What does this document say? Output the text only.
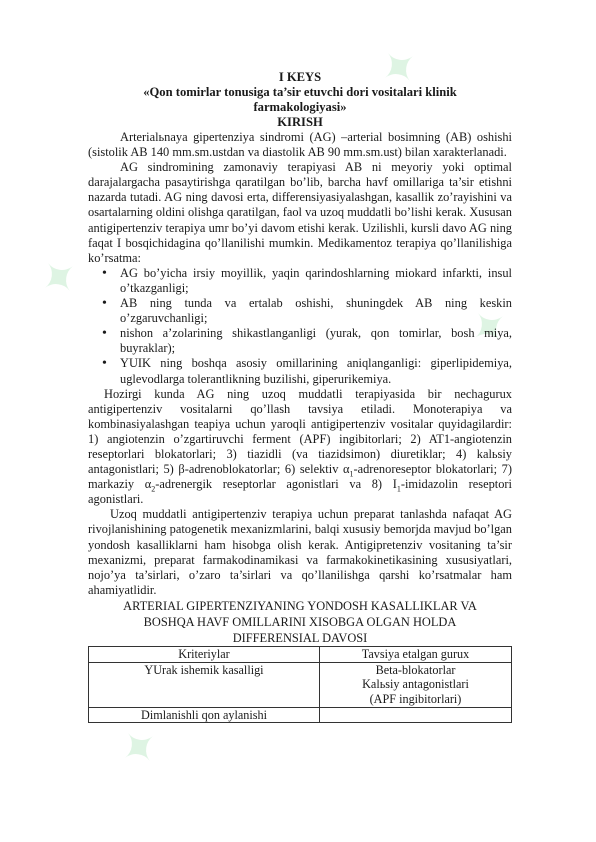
✦
✦
✦
✦
I KEYS
«Qon tomirlar tonusiga ta’sir etuvchi dori vositalari klinik
farmakologiyasi»
KIRISH

Arterialьnaya gipertenziya sindromi (AG) –arterial bosimning (AB) oshishi (sistolik AB 140 mm.sm.ustdan va diastolik AB 90 mm.sm.ust) bilan xarakterlanadi.

AG sindromining zamonaviy terapiyasi AB ni meyoriy yoki optimal darajalargacha pasaytirishga qaratilgan bo’lib, barcha havf omillariga ta’sir etishni nazarda tutadi. AG ning davosi erta, differensiyasiyalashgan, kasallik zo’rayishini va osartalarning oldini olishga qaratilgan, faol va uzoq muddatli bo’lishi kerak. Xususan antigipertenziv terapiya umr bo’yi davom etishi kerak. Uzilishli, kursli davo AG ning faqat I bosqichidagina qo’llanilishi mumkin. Medikamentoz terapiya qo’llanilishiga ko’rsatma:

• AG bo’yicha irsiy moyillik, yaqin qarindoshlarning miokard infarkti, insul o’tkazganligi;
• AB ning tunda va ertalab oshishi, shuningdek AB ning keskin o’zgaruvchanligi;
• nishon a’zolarining shikastlanganligi (yurak, qon tomirlar, bosh miya, buyraklar);
• YUIK ning boshqa asosiy omillarining aniqlanganligi: giperlipidemiya, uglevodlarga tolerantlikning buzilishi, giperurikemiya.

Hozirgi kunda AG ning uzoq muddatli terapiyasida bir nechagurux antigipertenziv vositalarni qo’llash tavsiya etiladi. Monoterapiya va kombinasiyalashgan teapiya uchun yaroqli antigipertenziv vositalar quyidagilardir: 1) angiotenzin o’zgartiruvchi ferment (APF) ingibitorlari; 2) AT1-angiotenzin reseptorlari blokatorlari; 3) tiazidli (va tiazidsimon) diuretiklar; 4) kalьsiy antagonistlari; 5) β-adrenoblokatorlar; 6) selektiv $\alpha_1$-adrenoreseptor blokatorlari; 7) markaziy $\alpha_2$-adrenergik reseptorlar agonistlari va 8) $I_1$-imidazolin reseptori agonistlari.

Uzoq muddatli antigipertenziv terapiya uchun preparat tanlashda nafaqat AG rivojlanishining patogenetik mexanizmlarini, balqi xususiy bemorjda mavjud bo’lgan yondosh kasalliklarni ham hisobga olish kerak. Antigipretenziv vositaning ta’sir mexanizmi, preparat farmakodinamikasi va farmakokinetikasining xususiyatlari, nojo’ya ta’sirlari, o’zaro ta’sirlari va qo’llanilishga qarshi ko’rsatmalar ham ahamiyatlidir.

ARTERIAL GIPERTENZIYANING YONDOSH KASALLIKLAR VA
BOSHQA HAVF OMILLARINI XISOBGA OLGAN HOLDA
DIFFERENSIAL DAVOSI
Kriteriylar	Tavsiya etalgan gurux
YUrak ishemik kasalligi	Beta-blokatorlar
Kalьsiy antagonistlari
(APF ingibitorlari)

Dimlanishli qon aylanishi	
